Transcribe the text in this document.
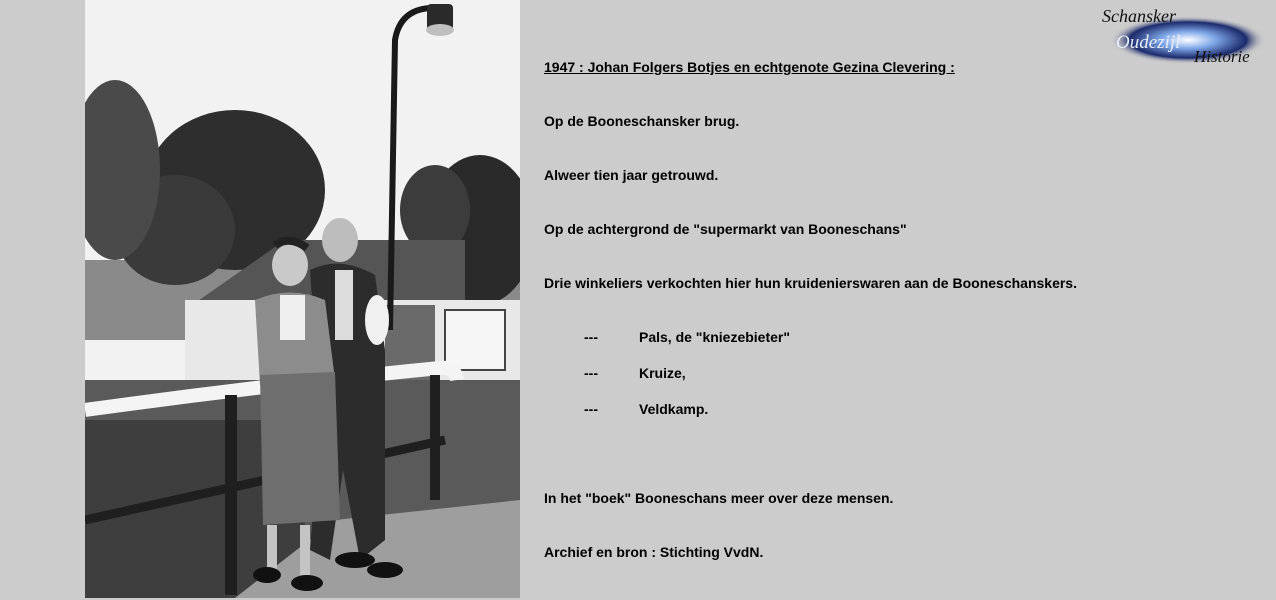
Schansker
Oudezijl
Historie

1947 : Johan Folgers Botjes en echtgenote Gezina Clevering :

Op de Booneschansker brug.

Alweer tien jaar getrouwd.

Op de achtergrond de "supermarkt van Booneschans"

Drie winkeliers verkochten hier hun kruidenierswaren aan de Booneschanskers.

---	Pals, de "kniezebieter"
---	Kruize,
---	Veldkamp.

In het "boek" Booneschans meer over deze mensen.

Archief en bron : Stichting VvdN.
